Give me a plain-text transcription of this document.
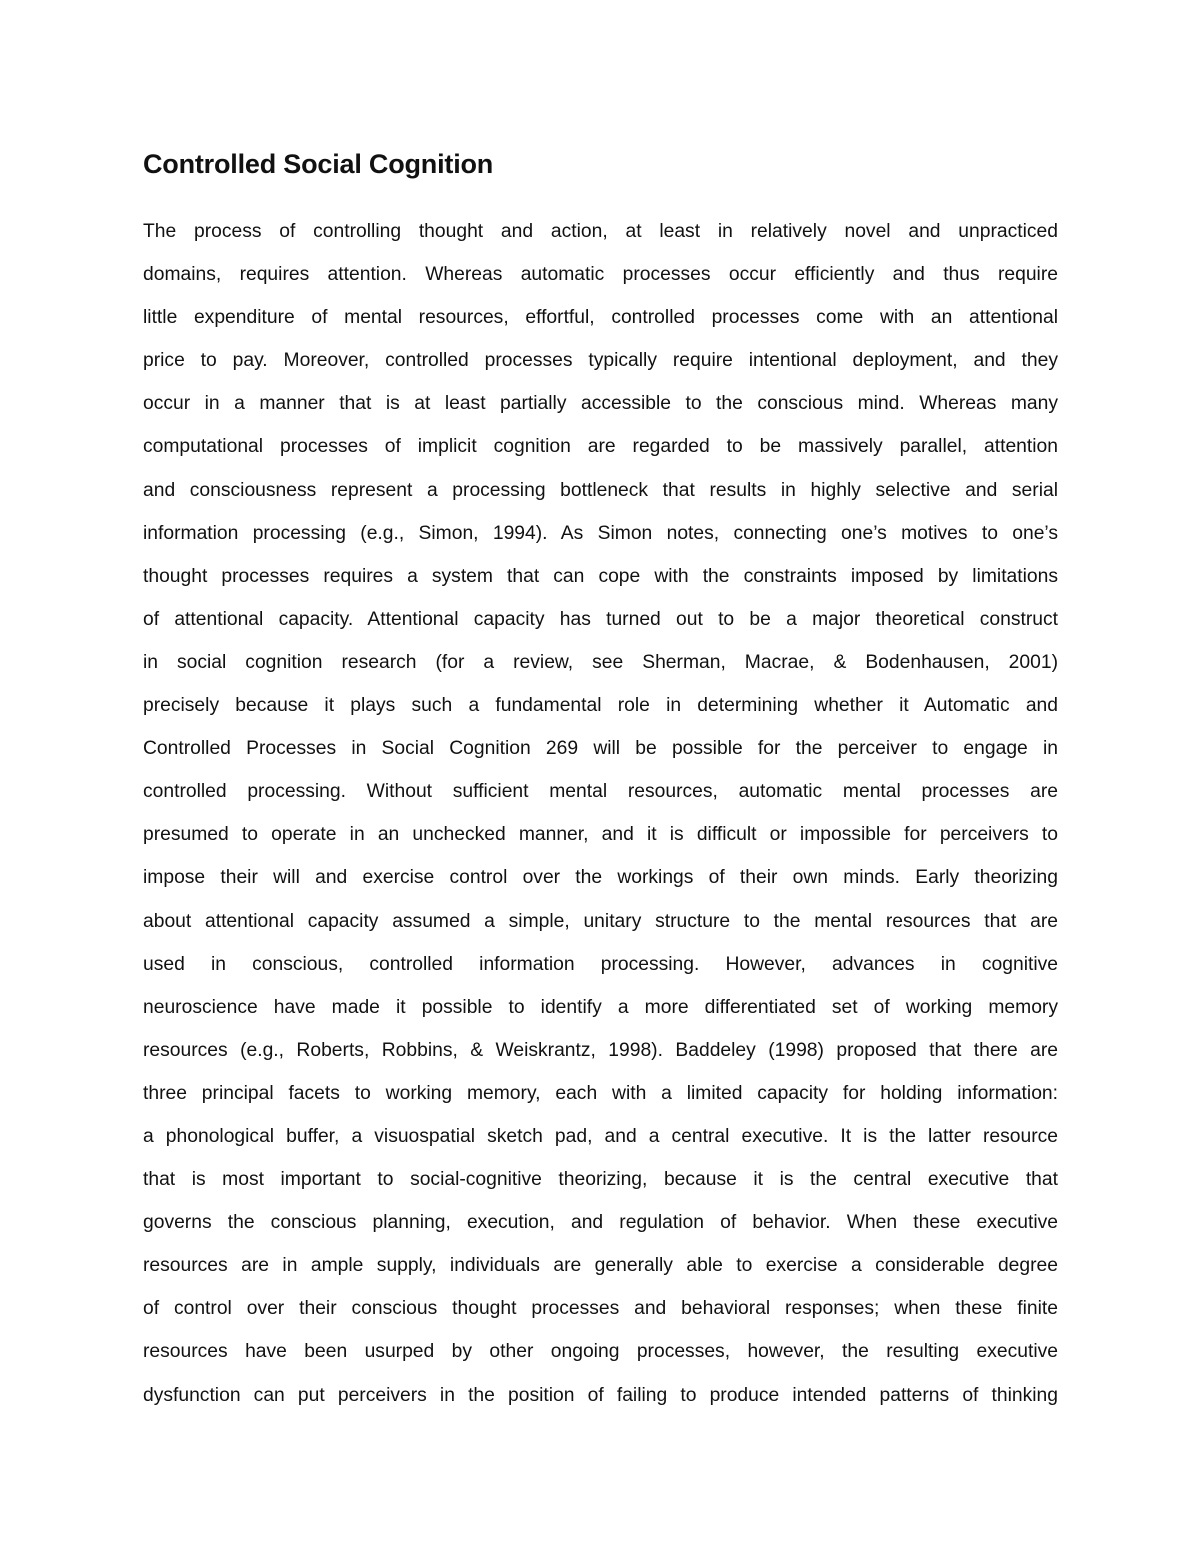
Controlled Social Cognition
The process of controlling thought and action, at least in relatively novel and unpracticed
domains, requires attention. Whereas automatic processes occur efficiently and thus require
little expenditure of mental resources, effortful, controlled processes come with an attentional
price to pay. Moreover, controlled processes typically require intentional deployment, and they
occur in a manner that is at least partially accessible to the conscious mind. Whereas many
computational processes of implicit cognition are regarded to be massively parallel, attention
and consciousness represent a processing bottleneck that results in highly selective and serial
information processing (e.g., Simon, 1994). As Simon notes, connecting one’s motives to one’s
thought processes requires a system that can cope with the constraints imposed by limitations
of attentional capacity. Attentional capacity has turned out to be a major theoretical construct
in social cognition research (for a review, see Sherman, Macrae, & Bodenhausen, 2001)
precisely because it plays such a fundamental role in determining whether it Automatic and
Controlled Processes in Social Cognition 269 will be possible for the perceiver to engage in
controlled processing. Without sufficient mental resources, automatic mental processes are
presumed to operate in an unchecked manner, and it is difficult or impossible for perceivers to
impose their will and exercise control over the workings of their own minds. Early theorizing
about attentional capacity assumed a simple, unitary structure to the mental resources that are
used in conscious, controlled information processing. However, advances in cognitive
neuroscience have made it possible to identify a more differentiated set of working memory
resources (e.g., Roberts, Robbins, & Weiskrantz, 1998). Baddeley (1998) proposed that there are
three principal facets to working memory, each with a limited capacity for holding information:
a phonological buffer, a visuospatial sketch pad, and a central executive. It is the latter resource
that is most important to social-cognitive theorizing, because it is the central executive that
governs the conscious planning, execution, and regulation of behavior. When these executive
resources are in ample supply, individuals are generally able to exercise a considerable degree
of control over their conscious thought processes and behavioral responses; when these finite
resources have been usurped by other ongoing processes, however, the resulting executive
dysfunction can put perceivers in the position of failing to produce intended patterns of thinking
